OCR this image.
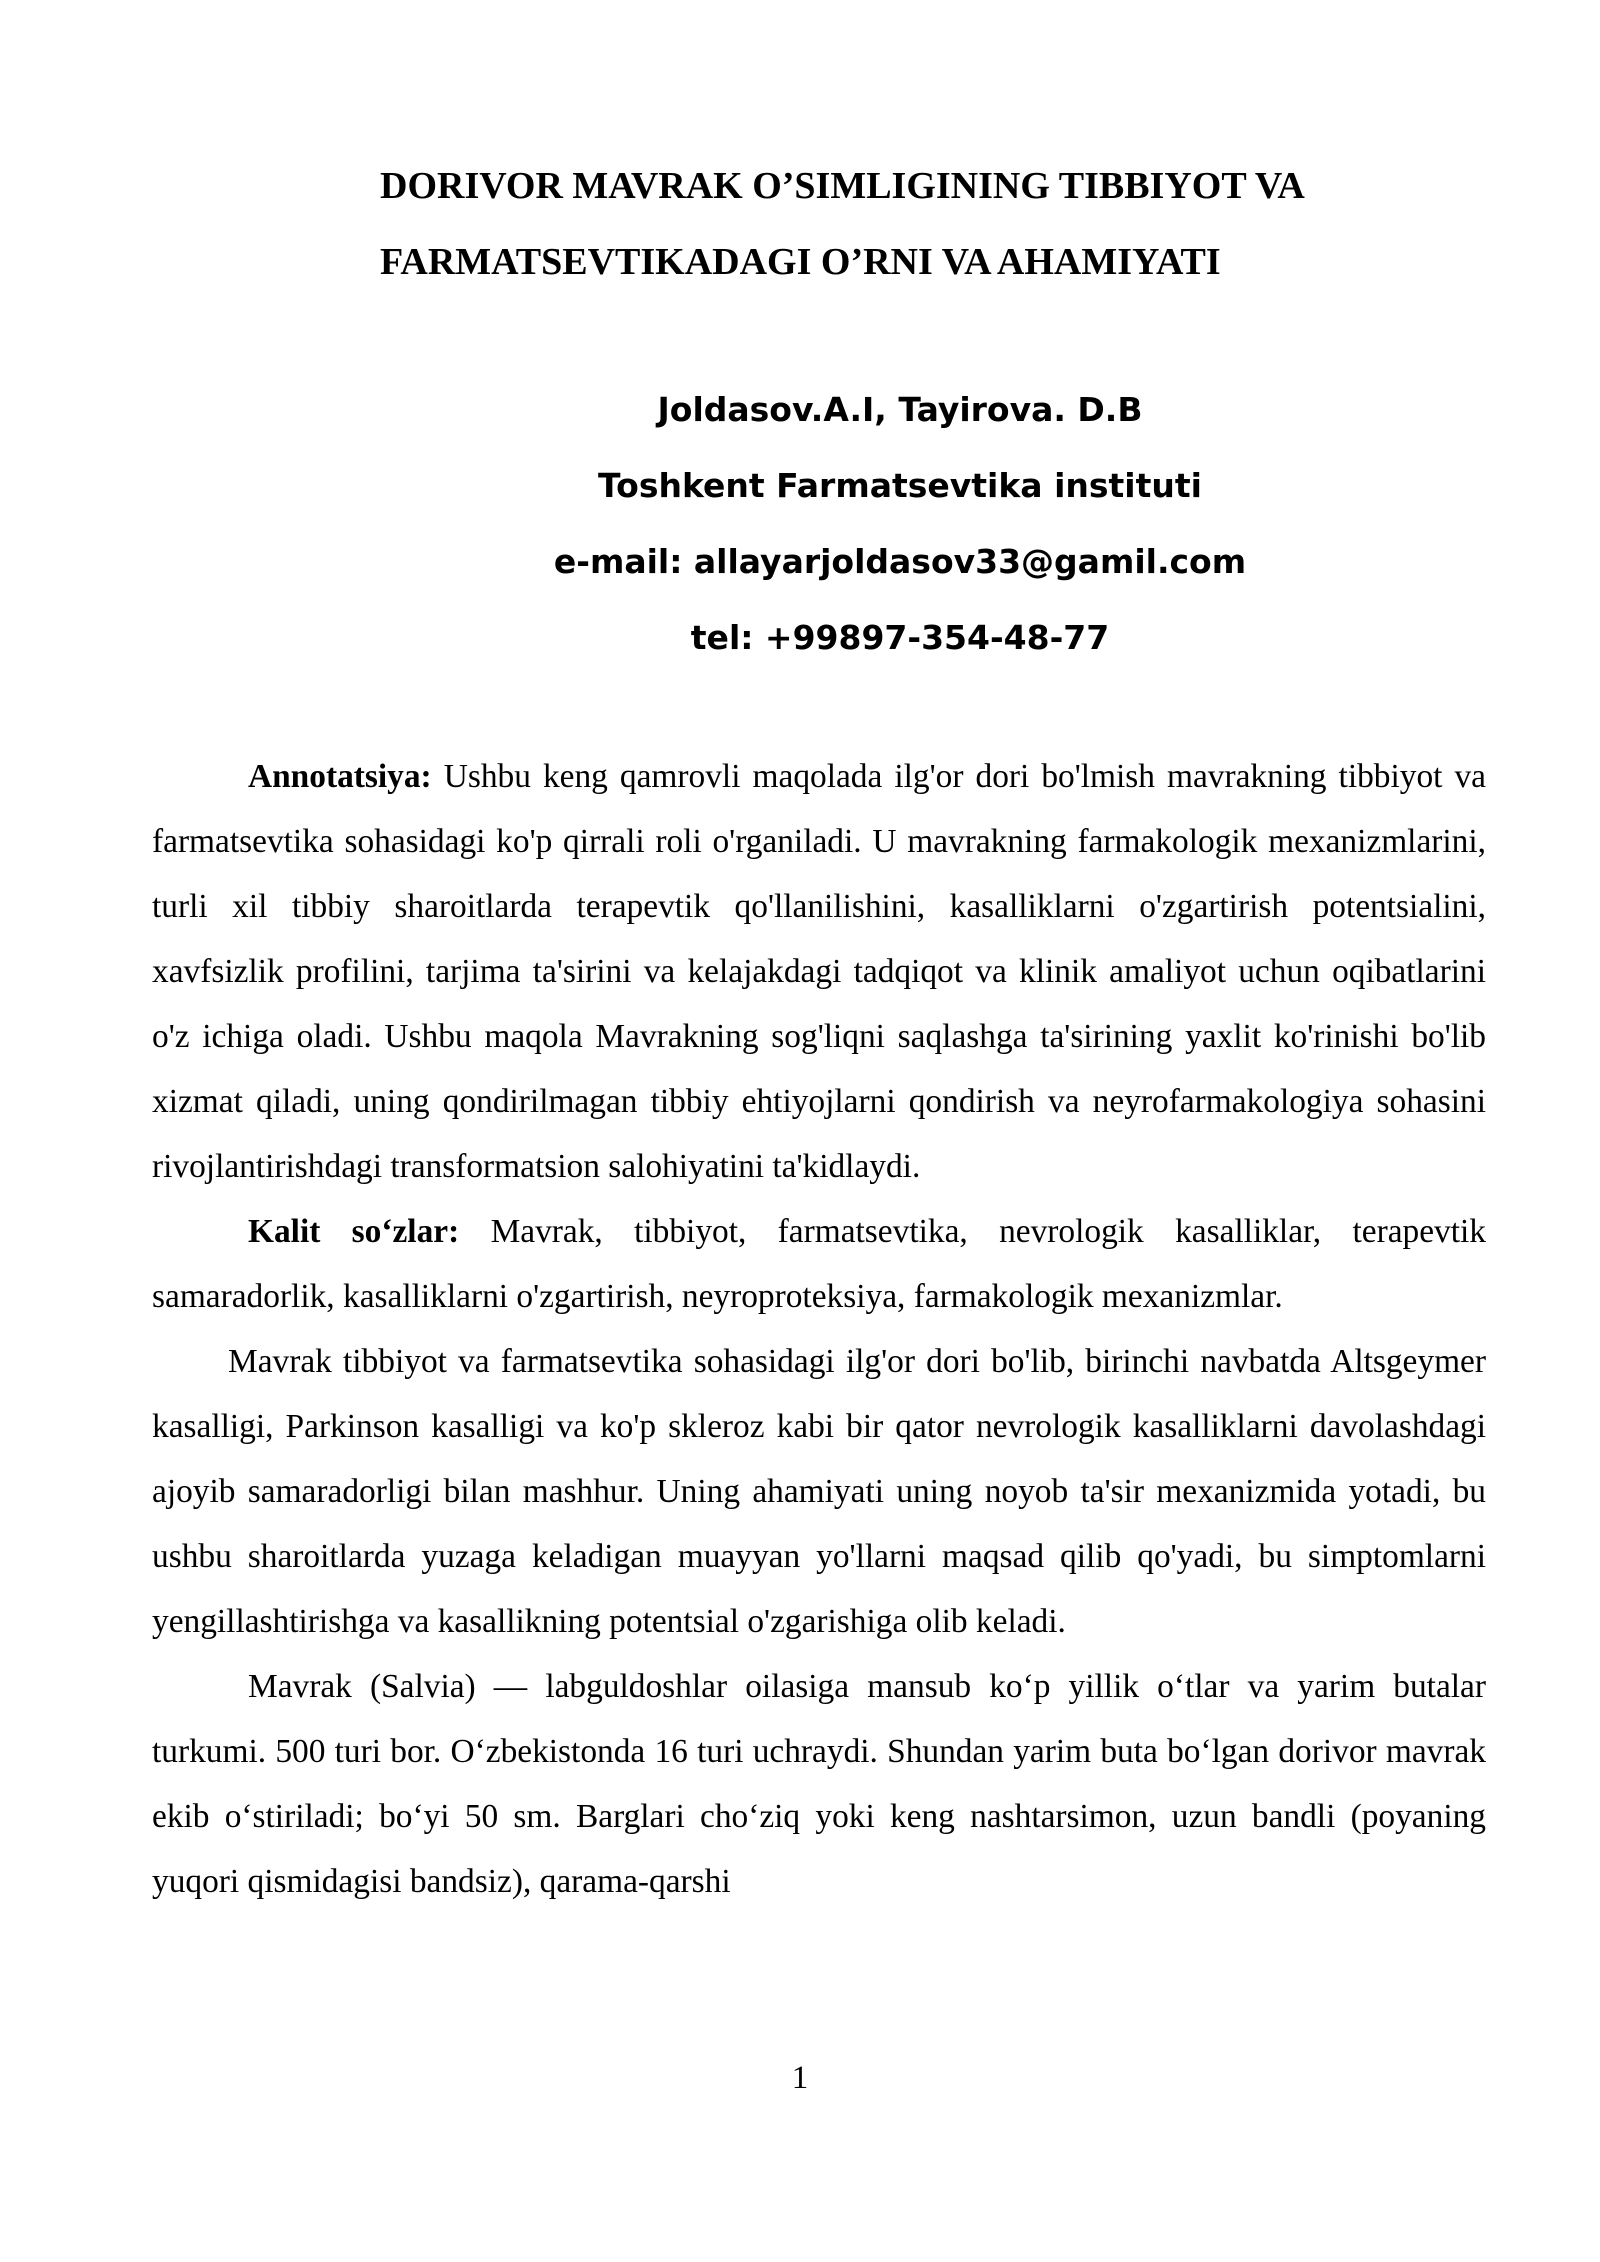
DORIVOR MAVRAK O’SIMLIGINING TIBBIYOT VA
FARMATSEVTIKADAGI O’RNI VA AHAMIYATI
Joldasov.A.I, Tayirova. D.B
Toshkent Farmatsevtika instituti
e-mail: allayarjoldasov33@gamil.com
tel: +99897-354-48-77

Annotatsiya: Ushbu keng qamrovli maqolada ilg'or dori bo'lmish mavrakning tibbiyot va farmatsevtika sohasidagi ko'p qirrali roli o'rganiladi. U mavrakning farmakologik mexanizmlarini, turli xil tibbiy sharoitlarda terapevtik qo'llanilishini, kasalliklarni o'zgartirish potentsialini, xavfsizlik profilini, tarjima ta'sirini va kelajakdagi tadqiqot va klinik amaliyot uchun oqibatlarini o'z ichiga oladi. Ushbu maqola Mavrakning sog'liqni saqlashga ta'sirining yaxlit ko'rinishi bo'lib xizmat qiladi, uning qondirilmagan tibbiy ehtiyojlarni qondirish va neyrofarmakologiya sohasini rivojlantirishdagi transformatsion salohiyatini ta'kidlaydi.

Kalit so‘zlar: Mavrak, tibbiyot, farmatsevtika, nevrologik kasalliklar, terapevtik samaradorlik, kasalliklarni o'zgartirish, neyroproteksiya, farmakologik mexanizmlar.

Mavrak tibbiyot va farmatsevtika sohasidagi ilg'or dori bo'lib, birinchi navbatda Altsgeymer kasalligi, Parkinson kasalligi va ko'p skleroz kabi bir qator nevrologik kasalliklarni davolashdagi ajoyib samaradorligi bilan mashhur. Uning ahamiyati uning noyob ta'sir mexanizmida yotadi, bu ushbu sharoitlarda yuzaga keladigan muayyan yo'llarni maqsad qilib qo'yadi, bu simptomlarni yengillashtirishga va kasallikning potentsial o'zgarishiga olib keladi.

Mavrak (Salvia) — labguldoshlar oilasiga mansub ko‘p yillik o‘tlar va yarim butalar turkumi. 500 turi bor. O‘zbekistonda 16 turi uchraydi. Shundan yarim buta bo‘lgan dorivor mavrak ekib o‘stiriladi; bo‘yi 50 sm. Barglari cho‘ziq yoki keng nashtarsimon, uzun bandli (poyaning yuqori qismidagisi bandsiz), qarama-qarshi

1
